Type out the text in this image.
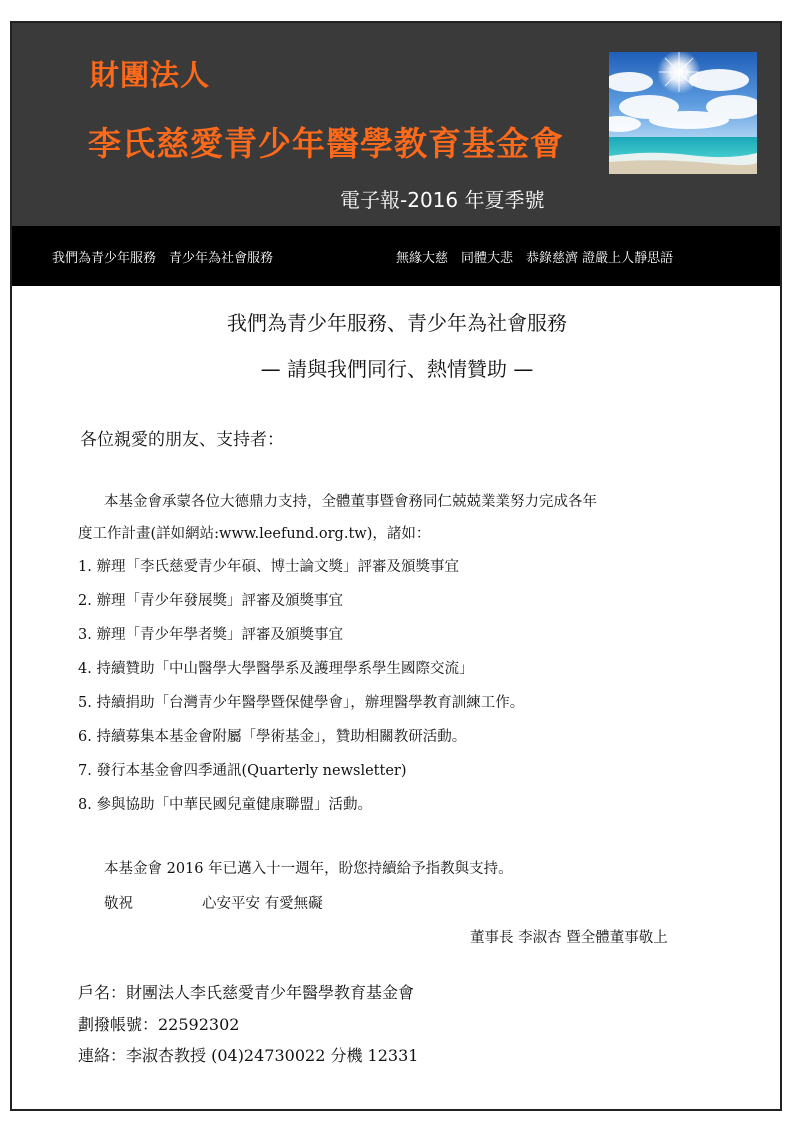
財團法人
李氏慈愛青少年醫學教育基金會
電子報-2016 年夏季號
我們為青少年服務　青少年為社會服務	無緣大慈　同體大悲　恭錄慈濟 證嚴上人靜思語
我們為青少年服務、青少年為社會服務
— 請與我們同行、熱情贊助 —
各位親愛的朋友、支持者：
本基金會承蒙各位大德鼎力支持，全體董事暨會務同仁兢兢業業努力完成各年
度工作計畫(詳如網站:www.leefund.org.tw)，諸如：
1. 辦理「李氏慈愛青少年碩、博士論文獎」評審及頒獎事宜
2. 辦理「青少年發展獎」評審及頒獎事宜
3. 辦理「青少年學者獎」評審及頒獎事宜
4. 持續贊助「中山醫學大學醫學系及護理學系學生國際交流」
5. 持續捐助「台灣青少年醫學暨保健學會」，辦理醫學教育訓練工作。
6. 持續募集本基金會附屬「學術基金」，贊助相關教研活動。
7. 發行本基金會四季通訊(Quarterly newsletter)
8. 參與協助「中華民國兒童健康聯盟」活動。
本基金會 2016 年已邁入十一週年，盼您持續給予指教與支持。
敬祝	心安平安 有愛無礙
董事長 李淑杏 暨全體董事敬上
戶名：財團法人李氏慈愛青少年醫學教育基金會
劃撥帳號：22592302
連絡：李淑杏教授 (04)24730022 分機 12331
